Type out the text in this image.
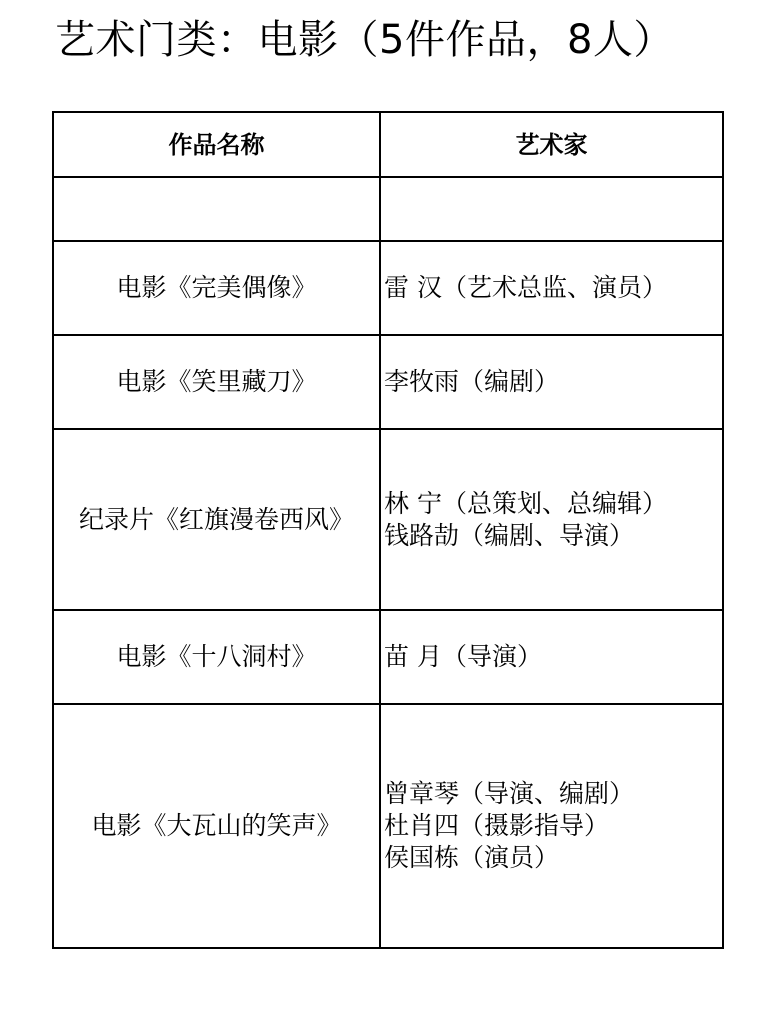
艺术门类：电影（5件作品，8人）
作品名称	艺术家

电影《完美偶像》	雷 汉（艺术总监、演员）

电影《笑里藏刀》	李牧雨（编剧）

纪录片《红旗漫卷西风》	林 宁（总策划、总编辑）
钱路劼（编剧、导演）

电影《十八洞村》	苗 月（导演）

电影《大瓦山的笑声》	曾章琴（导演、编剧）
杜肖四（摄影指导）
侯国栋（演员）
